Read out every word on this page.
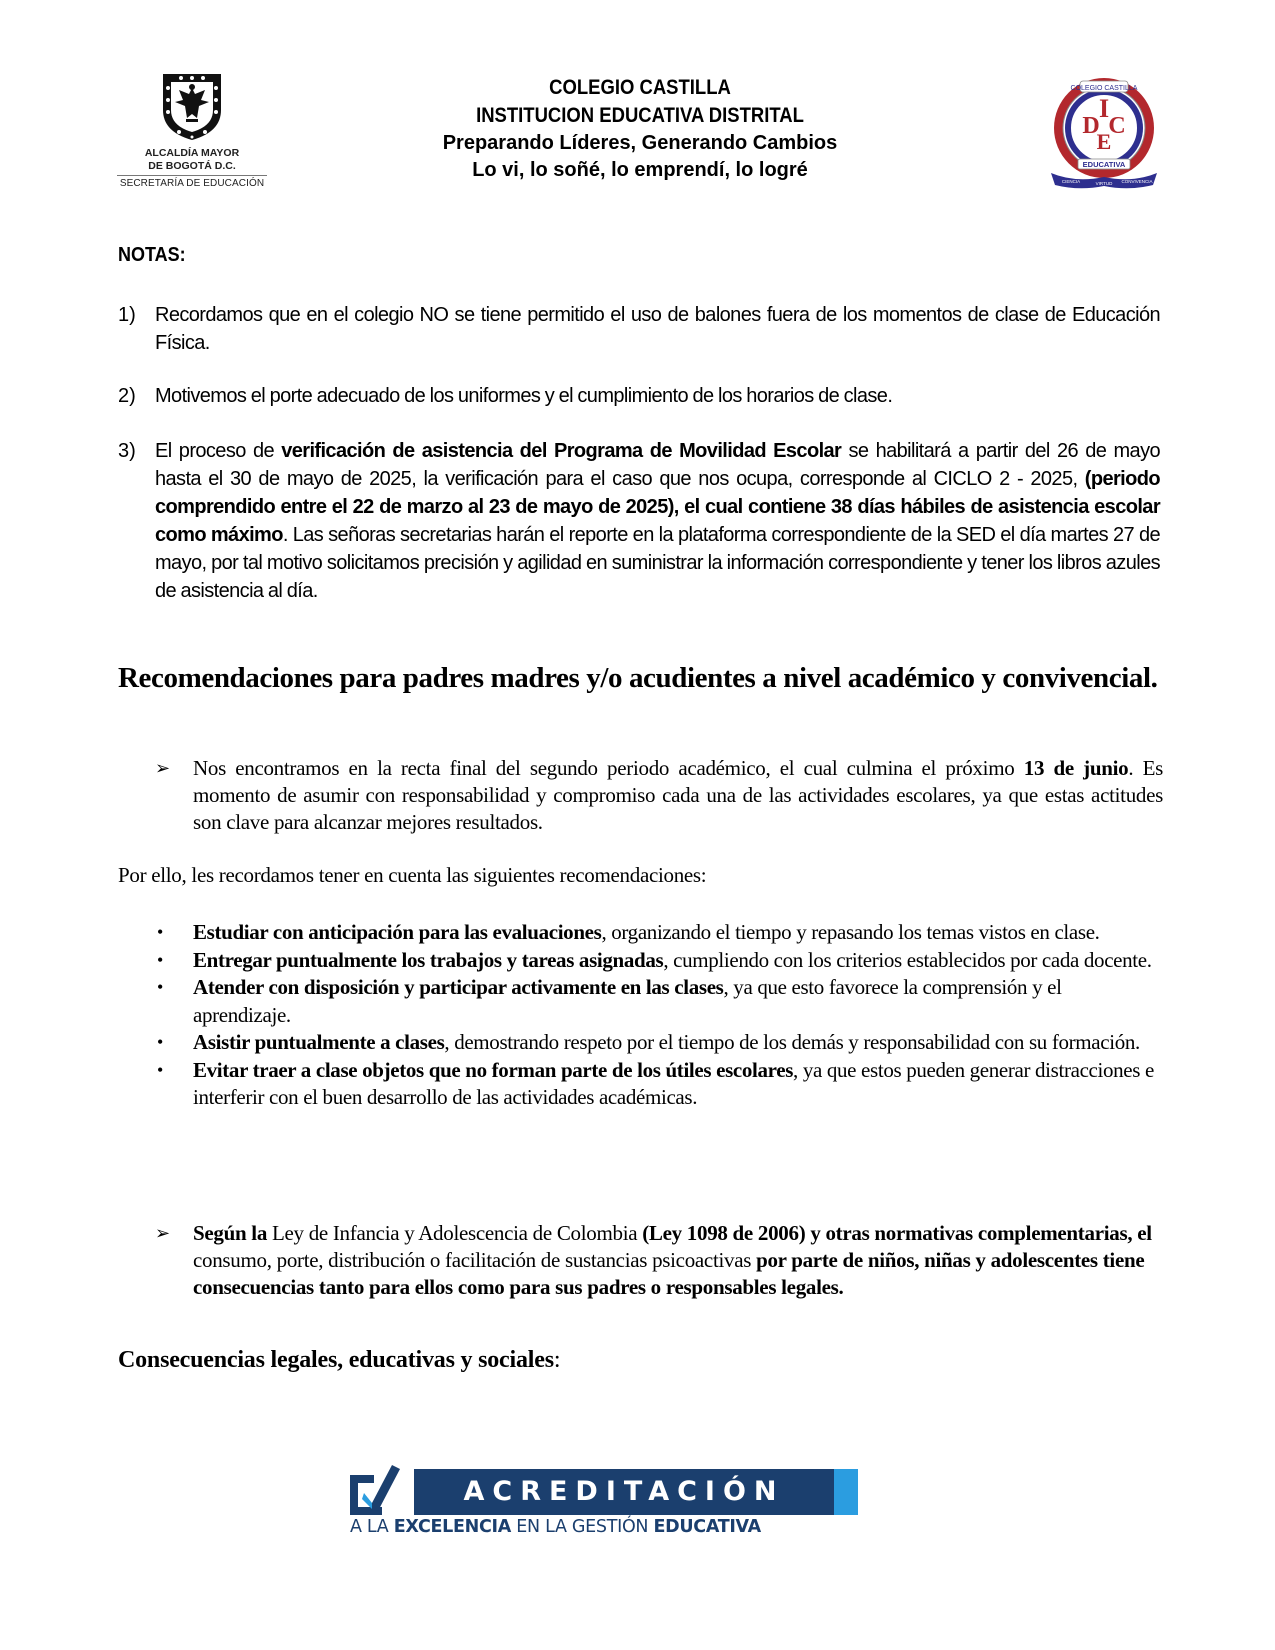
ALCALDÍA MAYOR
DE BOGOTÁ D.C.
SECRETARÍA DE EDUCACIÓN
COLEGIO CASTILLA
INSTITUCION EDUCATIVA DISTRITAL
Preparando Líderes, Generando Cambios
Lo vi, lo soñé, lo emprendí, lo logré
COLEGIO CASTILLA
I
D C
E
EDUCATIVA
CIENCIA	VIRTUD CONVIVENCIA
NOTAS:
1) Recordamos que en el colegio NO se tiene permitido el uso de balones fuera de los momentos de clase de Educación Física.
2) Motivemos el porte adecuado de los uniformes y el cumplimiento de los horarios de clase.
3) El proceso de verificación de asistencia del Programa de Movilidad Escolar se habilitará a partir del 26 de mayo hasta el 30 de mayo de 2025, la verificación para el caso que nos ocupa, corresponde al CICLO 2 - 2025, (periodo comprendido entre el 22 de marzo al 23 de mayo de 2025), el cual contiene 38 días hábiles de asistencia escolar como máximo. Las señoras secretarias harán el reporte en la plataforma correspondiente de la SED el día martes 27 de mayo, por tal motivo solicitamos precisión y agilidad en suministrar la información correspondiente y tener los libros azules de asistencia al día.
Recomendaciones para padres madres y/o acudientes a nivel académico y convivencial.
➢ Nos encontramos en la recta final del segundo periodo académico, el cual culmina el próximo 13 de junio. Es momento de asumir con responsabilidad y compromiso cada una de las actividades escolares, ya que estas actitudes son clave para alcanzar mejores resultados.
Por ello, les recordamos tener en cuenta las siguientes recomendaciones:
• Estudiar con anticipación para las evaluaciones, organizando el tiempo y repasando los temas vistos en clase.
• Entregar puntualmente los trabajos y tareas asignadas, cumpliendo con los criterios establecidos por cada docente.
• Atender con disposición y participar activamente en las clases, ya que esto favorece la comprensión y el aprendizaje.
• Asistir puntualmente a clases, demostrando respeto por el tiempo de los demás y responsabilidad con su formación.
• Evitar traer a clase objetos que no forman parte de los útiles escolares, ya que estos pueden generar distracciones e interferir con el buen desarrollo de las actividades académicas.
➢ Según la Ley de Infancia y Adolescencia de Colombia (Ley 1098 de 2006) y otras normativas complementarias, el consumo, porte, distribución o facilitación de sustancias psicoactivas por parte de niños, niñas y adolescentes tiene consecuencias tanto para ellos como para sus padres o responsables legales.
Consecuencias legales, educativas y sociales:
ACREDITACIÓN
A LA EXCELENCIA EN LA GESTIÓN EDUCATIVA
